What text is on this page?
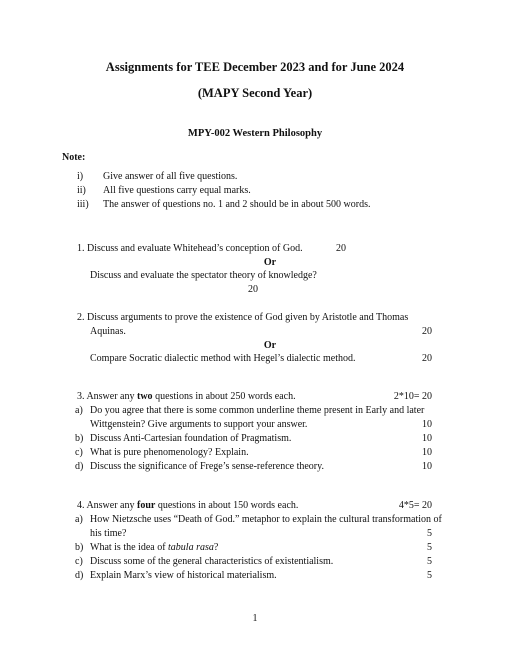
Assignments for TEE December 2023 and for June 2024
(MAPY Second Year)
MPY-002 Western Philosophy
Note:
i) Give answer of all five questions.
ii) All five questions carry equal marks.
iii) The answer of questions no. 1 and 2 should be in about 500 words.
1. Discuss and evaluate Whitehead’s conception of God.	20
Or
Discuss and evaluate the spectator theory of knowledge?
20
2. Discuss arguments to prove the existence of God given by Aristotle and Thomas
Aquinas.	20
Or
Compare Socratic dialectic method with Hegel’s dialectic method.	20
3. Answer any two questions in about 250 words each.	2*10= 20
a) Do you agree that there is some common underline theme present in Early and later
Wittgenstein? Give arguments to support your answer.	10
b) Discuss Anti-Cartesian foundation of Pragmatism.	10
c) What is pure phenomenology? Explain.	10
d) Discuss the significance of Frege’s sense-reference theory.	10
4. Answer any four questions in about 150 words each.	4*5= 20
a) How Nietzsche uses “Death of God.” metaphor to explain the cultural transformation of
his time?	5
b) What is the idea of tabula rasa?	5
c) Discuss some of the general characteristics of existentialism.	5
d) Explain Marx’s view of historical materialism.	5
1
